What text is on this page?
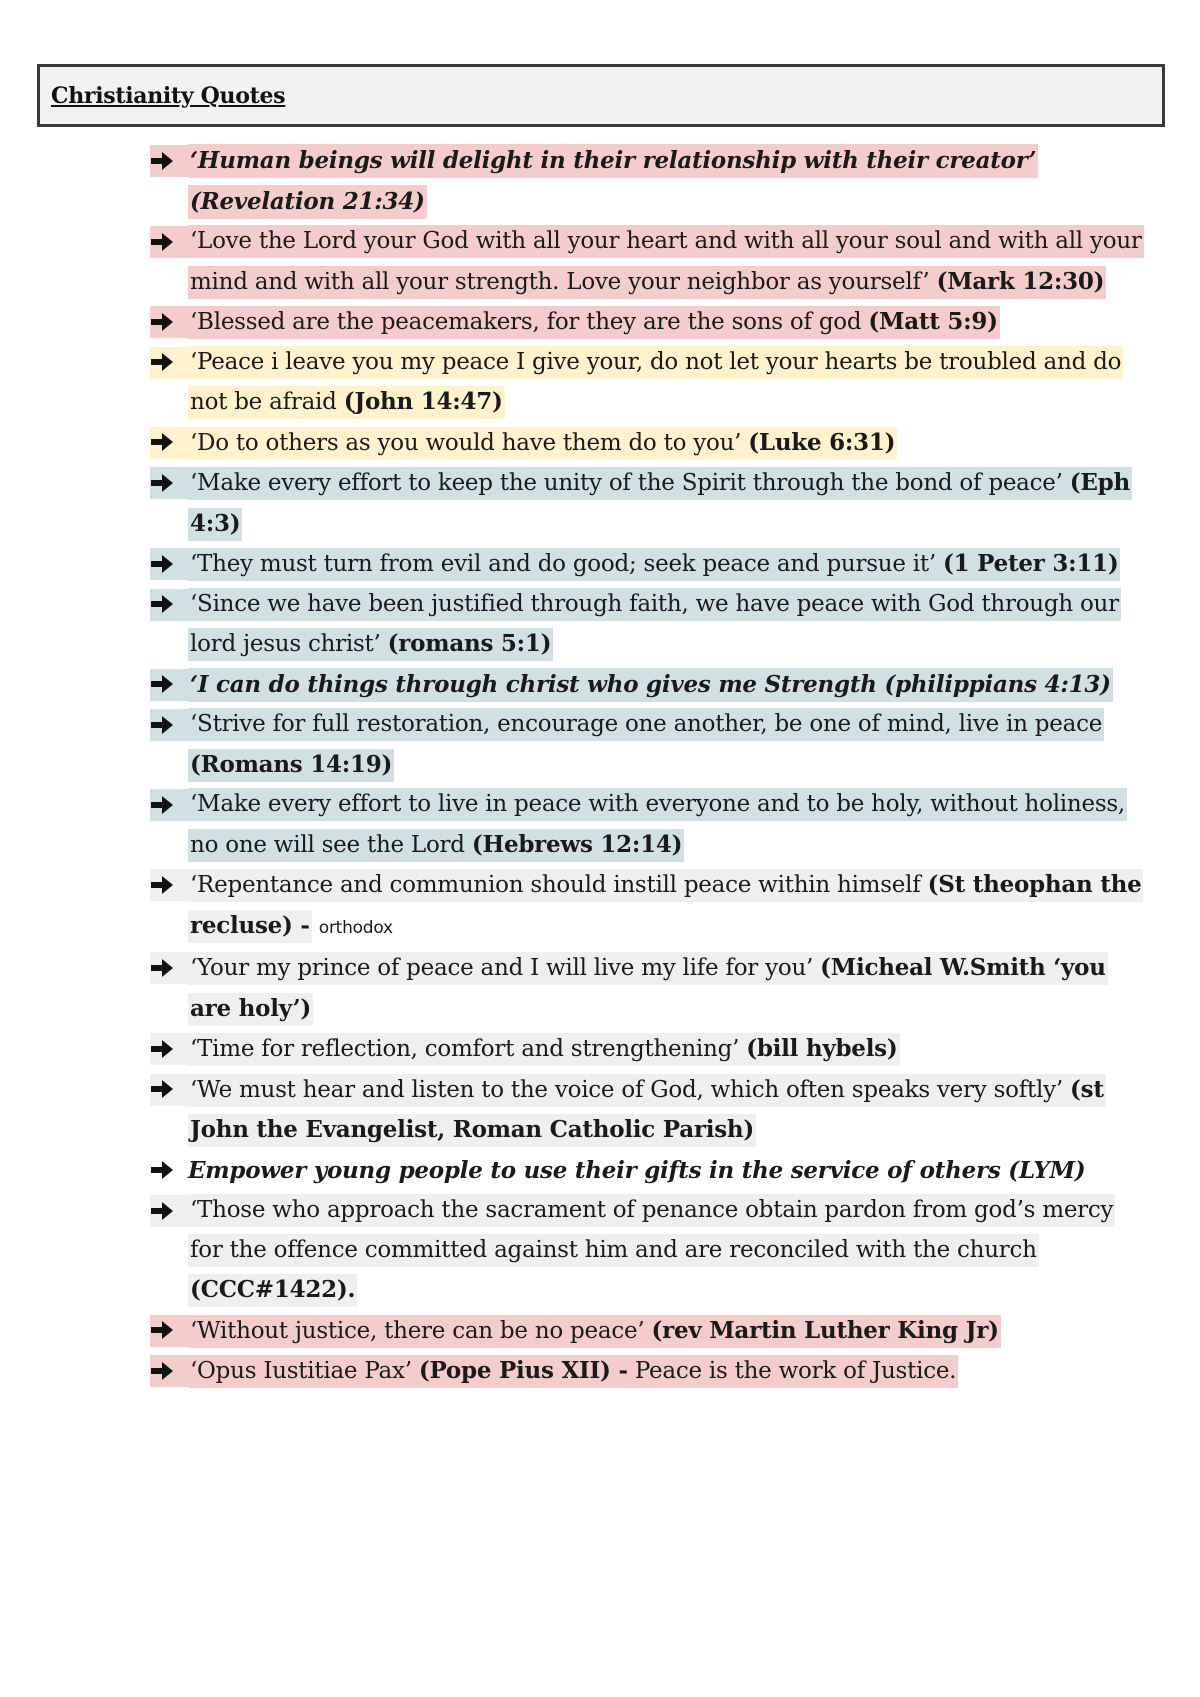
Christianity Quotes
‘Human beings will delight in their relationship with their creator’ (Revelation 21:34)
‘Love the Lord your God with all your heart and with all your soul and with all your mind and with all your strength. Love your neighbor as yourself’ (Mark 12:30)
‘Blessed are the peacemakers, for they are the sons of god (Matt 5:9)
‘Peace i leave you my peace I give your, do not let your hearts be troubled and do not be afraid (John 14:47)
‘Do to others as you would have them do to you’ (Luke 6:31)
‘Make every effort to keep the unity of the Spirit through the bond of peace’ (Eph 4:3)
‘They must turn from evil and do good; seek peace and pursue it’ (1 Peter 3:11)
‘Since we have been justified through faith, we have peace with God through our lord jesus christ’ (romans 5:1)
‘I can do things through christ who gives me Strength (philippians 4:13)
‘Strive for full restoration, encourage one another, be one of mind, live in peace (Romans 14:19)
‘Make every effort to live in peace with everyone and to be holy, without holiness, no one will see the Lord (Hebrews 12:14)
‘Repentance and communion should instill peace within himself (St theophan the recluse) - orthodox
‘Your my prince of peace and I will live my life for you’ (Micheal W.Smith ‘you are holy’)
‘Time for reflection, comfort and strengthening’ (bill hybels)
‘We must hear and listen to the voice of God, which often speaks very softly’ (st John the Evangelist, Roman Catholic Parish)
Empower young people to use their gifts in the service of others (LYM)
‘Those who approach the sacrament of penance obtain pardon from god’s mercy for the offence committed against him and are reconciled with the church (CCC#1422).
‘Without justice, there can be no peace’ (rev Martin Luther King Jr)
‘Opus Iustitiae Pax’ (Pope Pius XII) - Peace is the work of Justice.
